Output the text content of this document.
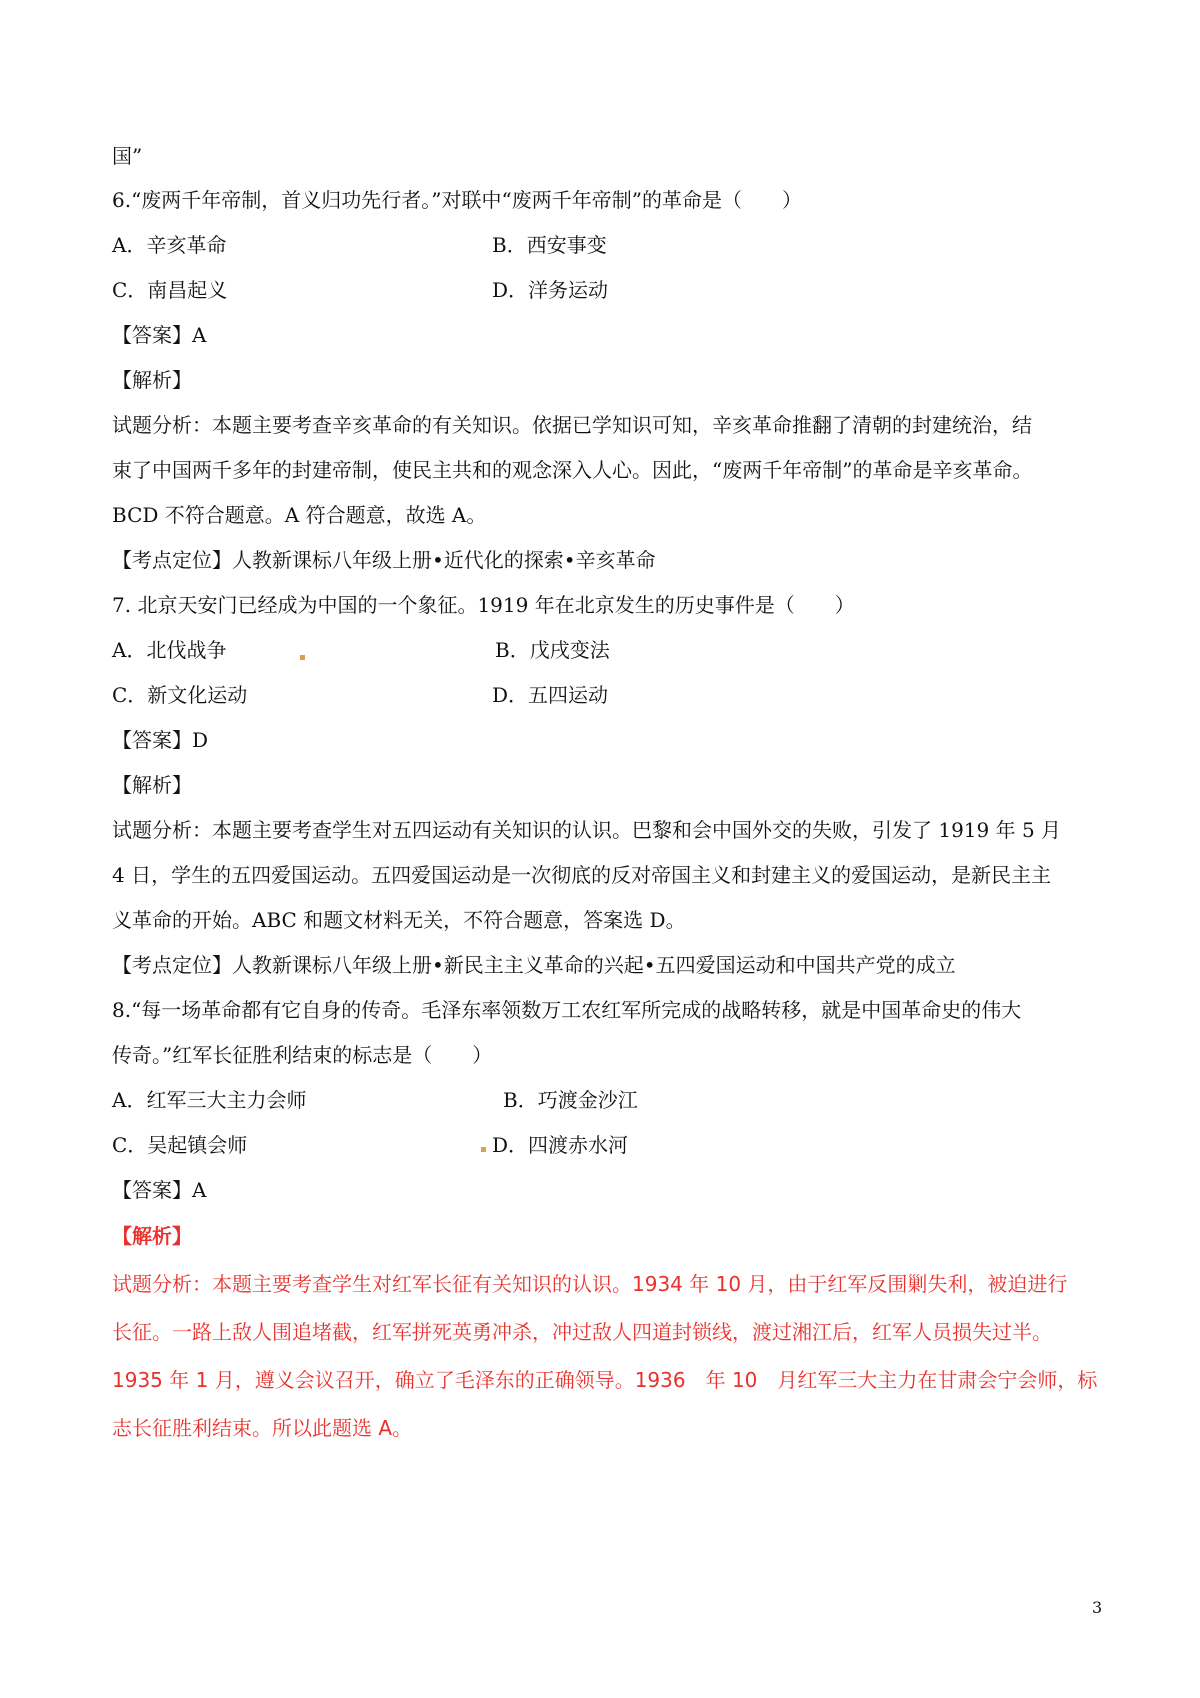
国”
6.“废两千年帝制，首义归功先行者。”对联中“废两千年帝制”的革命是（　　）
A．辛亥革命	B．西安事变
C．南昌起义	D．洋务运动
【答案】A
【解析】
试题分析：本题主要考查辛亥革命的有关知识。依据已学知识可知，辛亥革命推翻了清朝的封建统治，结
束了中国两千多年的封建帝制，使民主共和的观念深入人心。因此，“废两千年帝制”的革命是辛亥革命。
BCD 不符合题意。A 符合题意，故选 A。
【考点定位】人教新课标八年级上册•近代化的探索•辛亥革命
7. 北京天安门已经成为中国的一个象征。1919 年在北京发生的历史事件是（　　）
A．北伐战争	B．戊戌变法
C．新文化运动	D．五四运动
【答案】D
【解析】
试题分析：本题主要考查学生对五四运动有关知识的认识。巴黎和会中国外交的失败，引发了 1919 年 5 月
4 日，学生的五四爱国运动。五四爱国运动是一次彻底的反对帝国主义和封建主义的爱国运动，是新民主主
义革命的开始。ABC 和题文材料无关，不符合题意，答案选 D。
【考点定位】人教新课标八年级上册•新民主主义革命的兴起•五四爱国运动和中国共产党的成立
8.“每一场革命都有它自身的传奇。毛泽东率领数万工农红军所完成的战略转移，就是中国革命史的伟大
传奇。”红军长征胜利结束的标志是（　　）
A．红军三大主力会师	B．巧渡金沙江
C．吴起镇会师	D．四渡赤水河
【答案】A
【解析】
试题分析：本题主要考查学生对红军长征有关知识的认识。1934 年 10 月，由于红军反围剿失利，被迫进行
长征。一路上敌人围追堵截，红军拼死英勇冲杀，冲过敌人四道封锁线，渡过湘江后，红军人员损失过半。
1935 年 1 月，遵义会议召开，确立了毛泽东的正确领导。1936　年 10　月红军三大主力在甘肃会宁会师，标
志长征胜利结束。所以此题选 A。
3
